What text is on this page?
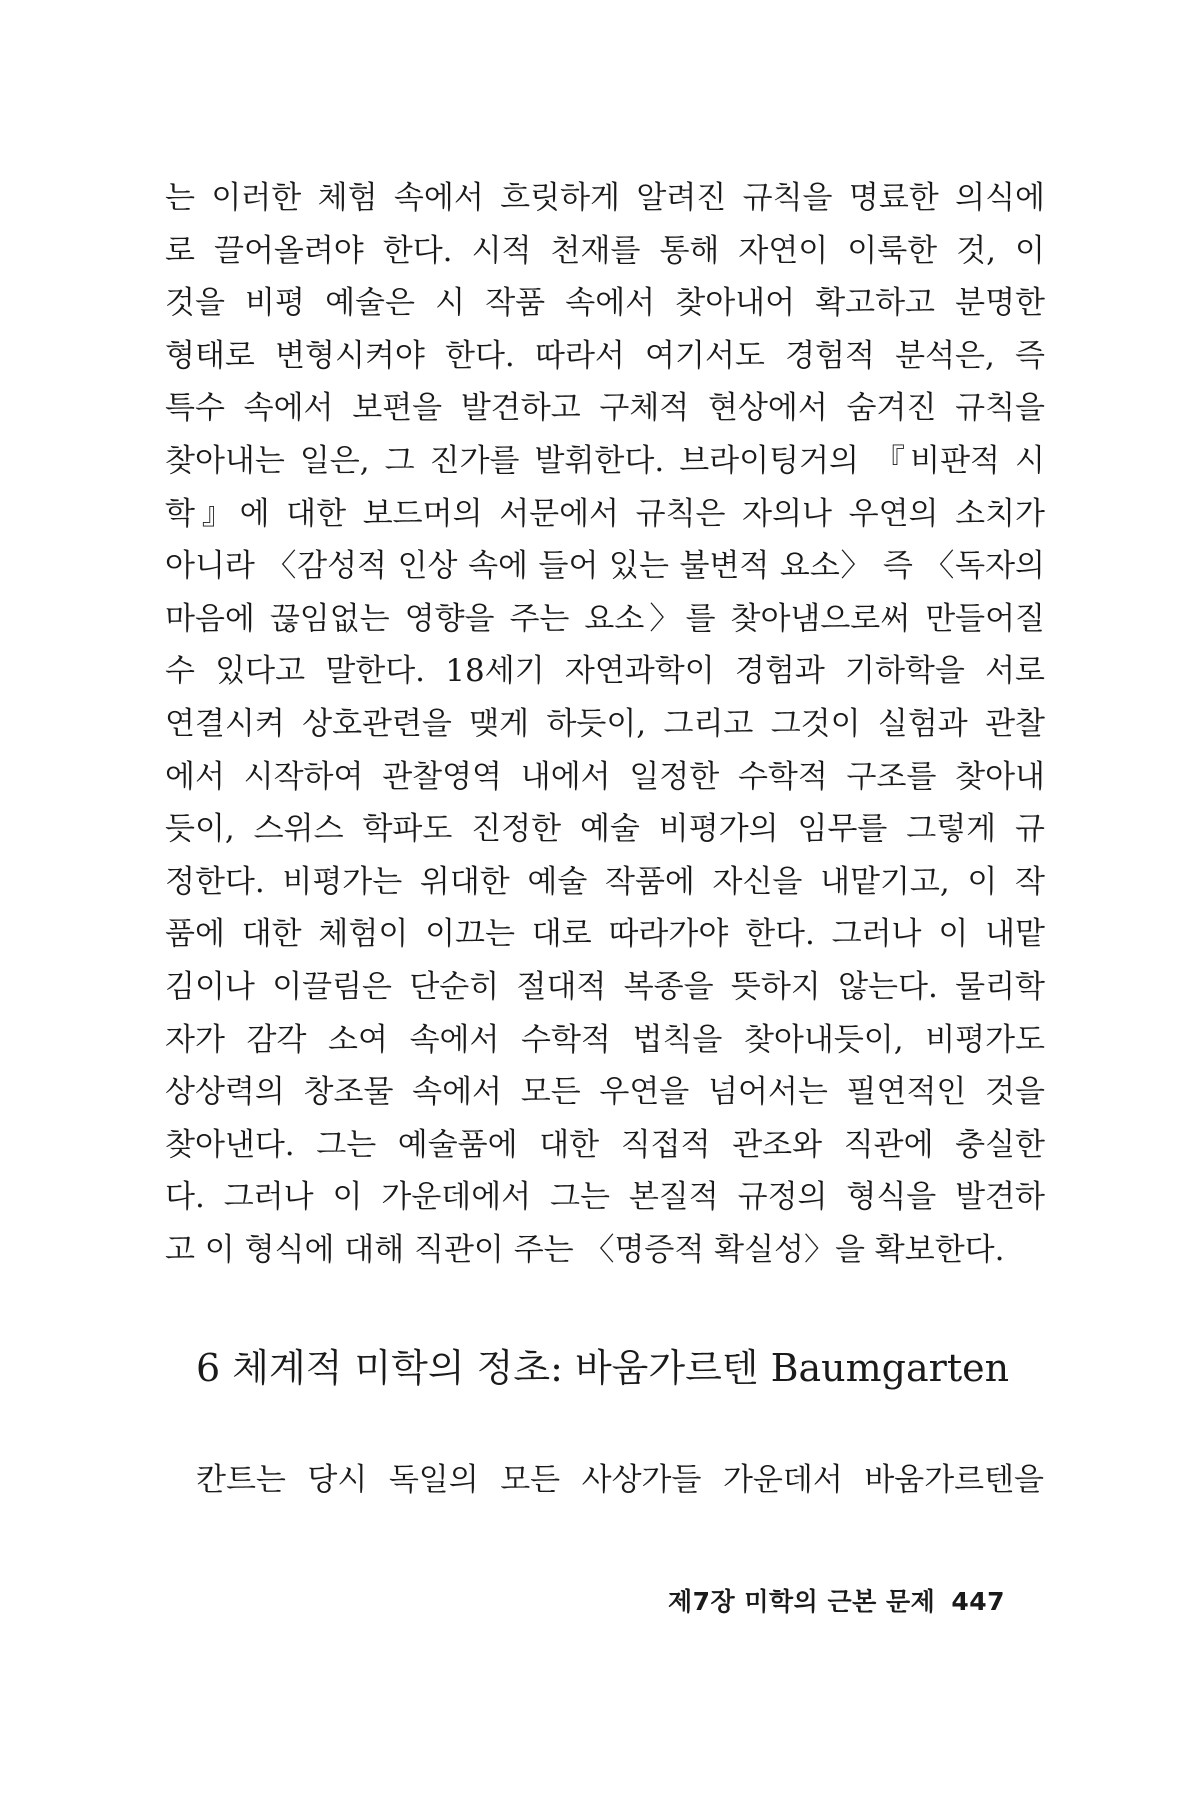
는 이러한 체험 속에서 흐릿하게 알려진 규칙을 명료한 의식에
로 끌어올려야 한다. 시적 천재를 통해 자연이 이룩한 것, 이
것을 비평 예술은 시 작품 속에서 찾아내어 확고하고 분명한
형태로 변형시켜야 한다. 따라서 여기서도 경험적 분석은, 즉
특수 속에서 보편을 발견하고 구체적 현상에서 숨겨진 규칙을
찾아내는 일은, 그 진가를 발휘한다. 브라이팅거의 『비판적 시
학』에 대한 보드머의 서문에서 규칙은 자의나 우연의 소치가
아니라 〈감성적 인상 속에 들어 있는 불변적 요소〉 즉 〈독자의
마음에 끊임없는 영향을 주는 요소〉를 찾아냄으로써 만들어질
수 있다고 말한다. 18세기 자연과학이 경험과 기하학을 서로
연결시켜 상호관련을 맺게 하듯이, 그리고 그것이 실험과 관찰
에서 시작하여 관찰영역 내에서 일정한 수학적 구조를 찾아내
듯이, 스위스 학파도 진정한 예술 비평가의 임무를 그렇게 규
정한다. 비평가는 위대한 예술 작품에 자신을 내맡기고, 이 작
품에 대한 체험이 이끄는 대로 따라가야 한다. 그러나 이 내맡
김이나 이끌림은 단순히 절대적 복종을 뜻하지 않는다. 물리학
자가 감각 소여 속에서 수학적 법칙을 찾아내듯이, 비평가도
상상력의 창조물 속에서 모든 우연을 넘어서는 필연적인 것을
찾아낸다. 그는 예술품에 대한 직접적 관조와 직관에 충실한
다. 그러나 이 가운데에서 그는 본질적 규정의 형식을 발견하
고 이 형식에 대해 직관이 주는 〈명증적 확실성〉을 확보한다.
6 체계적 미학의 정초: 바움가르텐 Baumgarten
칸트는 당시 독일의 모든 사상가들 가운데서 바움가르텐을
제7장 미학의 근본 문제 447
